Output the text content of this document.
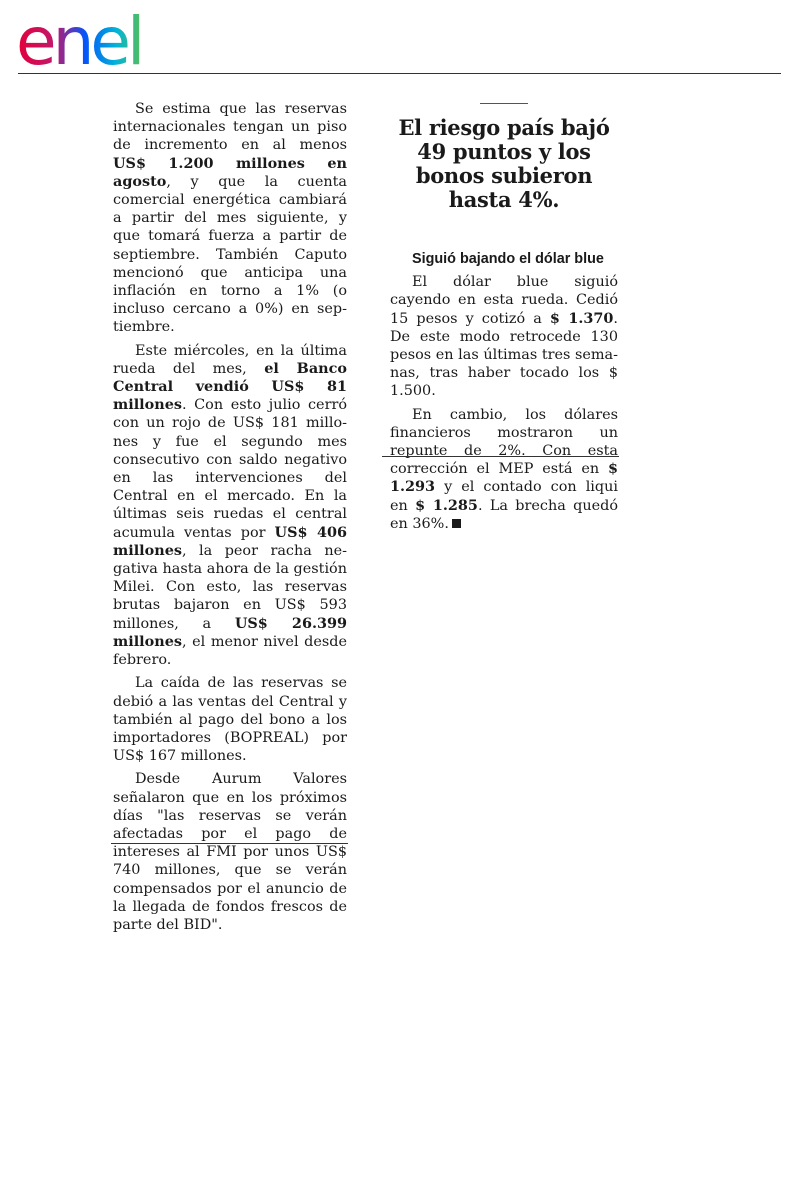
enel

Se estima que las reservas internacionales tengan un piso de incremento en al menos US$ 1.200 millones en agosto, y que la cuenta comercial energética cambiará a partir del mes siguiente, y que tomará fuerza a partir de septiembre. También Caputo mencionó que anticipa una inflación en torno a 1% (o incluso cercano a 0%) en septiembre.

Este miércoles, en la última rueda del mes, el Banco Central vendió US$ 81 millones. Con esto julio cerró con un rojo de US$ 181 millones y fue el segundo mes consecutivo con saldo negativo en las intervenciones del Central en el mercado. En la últimas seis ruedas el central acumula ventas por US$ 406 millones, la peor racha negativa hasta ahora de la gestión Milei. Con esto, las reservas brutas bajaron en US$ 593 millones, a US$ 26.399 millones, el menor nivel desde febrero.

La caída de las reservas se debió a las ventas del Central y también al pago del bono a los importadores (BOPREAL) por US$ 167 millones.

Desde Aurum Valores señalaron que en los próximos días "las reservas se verán afectadas por el pago de intereses al FMI por unos US$ 740 millones, que se verán compensados por el anuncio de la llegada de fondos frescos de parte del BID".

El riesgo país bajó 49 puntos y los bonos subieron hasta 4%.

Siguió bajando el dólar blue

El dólar blue siguió cayendo en esta rueda. Cedió 15 pesos y cotizó a $ 1.370. De este modo retrocede 130 pesos en las últimas tres semanas, tras haber tocado los $ 1.500.

En cambio, los dólares financieros mostraron un repunte de 2%. Con esta corrección el MEP está en $ 1.293 y el contado con liqui en $ 1.285. La brecha quedó en 36%.
